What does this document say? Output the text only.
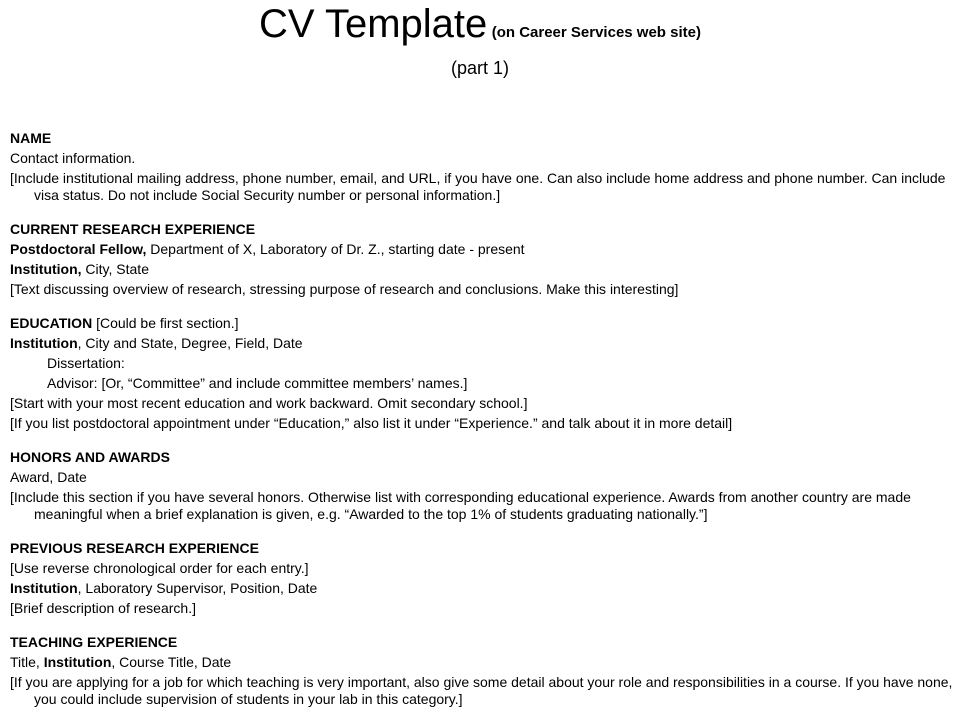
CV Template (on Career Services web site)
(part 1)
NAME
Contact information.
[Include institutional mailing address, phone number, email, and URL, if you have one. Can also include home address and phone number. Can include visa status. Do not include Social Security number or personal information.]
CURRENT RESEARCH EXPERIENCE
Postdoctoral Fellow, Department of X, Laboratory of Dr. Z., starting date - present
Institution, City, State
[Text discussing overview of research, stressing purpose of research and conclusions. Make this interesting]
EDUCATION [Could be first section.]
Institution, City and State, Degree, Field, Date
Dissertation:
Advisor: [Or, “Committee” and include committee members’ names.]
[Start with your most recent education and work backward. Omit secondary school.]
[If you list postdoctoral appointment under “Education,” also list it under “Experience.” and talk about it in more detail]
HONORS AND AWARDS
Award, Date
[Include this section if you have several honors. Otherwise list with corresponding educational experience. Awards from another country are made meaningful when a brief explanation is given, e.g. “Awarded to the top 1% of students graduating nationally.”]
PREVIOUS RESEARCH EXPERIENCE
[Use reverse chronological order for each entry.]
Institution, Laboratory Supervisor, Position, Date
[Brief description of research.]
TEACHING EXPERIENCE
Title, Institution, Course Title, Date
[If you are applying for a job for which teaching is very important, also give some detail about your role and responsibilities in a course. If you have none, you could include supervision of students in your lab in this category.]
